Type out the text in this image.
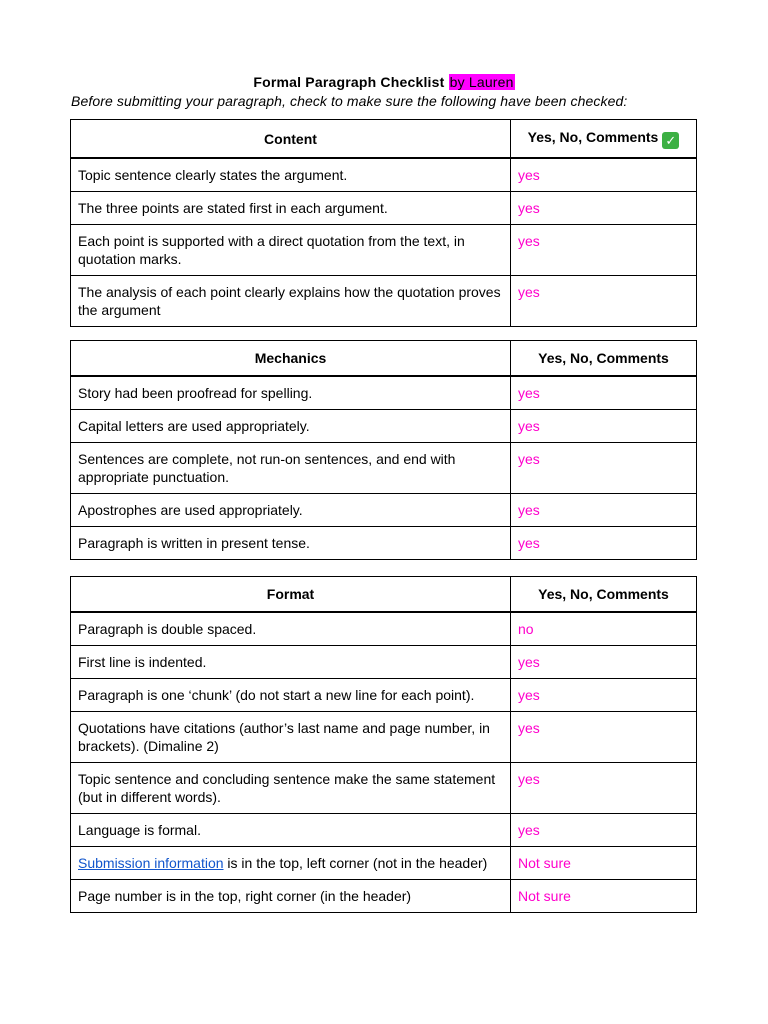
Formal Paragraph Checklist by Lauren
Before submitting your paragraph, check to make sure the following have been checked:
Content	Yes, No, Comments ✓
Topic sentence clearly states the argument.	yes
The three points are stated first in each argument.	yes
Each point is supported with a direct quotation from the text, in quotation marks.	yes
The analysis of each point clearly explains how the quotation proves the argument	yes
Mechanics	Yes, No, Comments
Story had been proofread for spelling.	yes
Capital letters are used appropriately.	yes
Sentences are complete, not run-on sentences, and end with appropriate punctuation.	yes
Apostrophes are used appropriately.	yes
Paragraph is written in present tense.	yes
Format	Yes, No, Comments
Paragraph is double spaced.	no
First line is indented.	yes
Paragraph is one ‘chunk’ (do not start a new line for each point).	yes
Quotations have citations (author’s last name and page number, in brackets). (Dimaline 2)	yes
Topic sentence and concluding sentence make the same statement (but in different words).	yes
Language is formal.	yes
Submission information is in the top, left corner (not in the header)	Not sure
Page number is in the top, right corner (in the header)	Not sure
